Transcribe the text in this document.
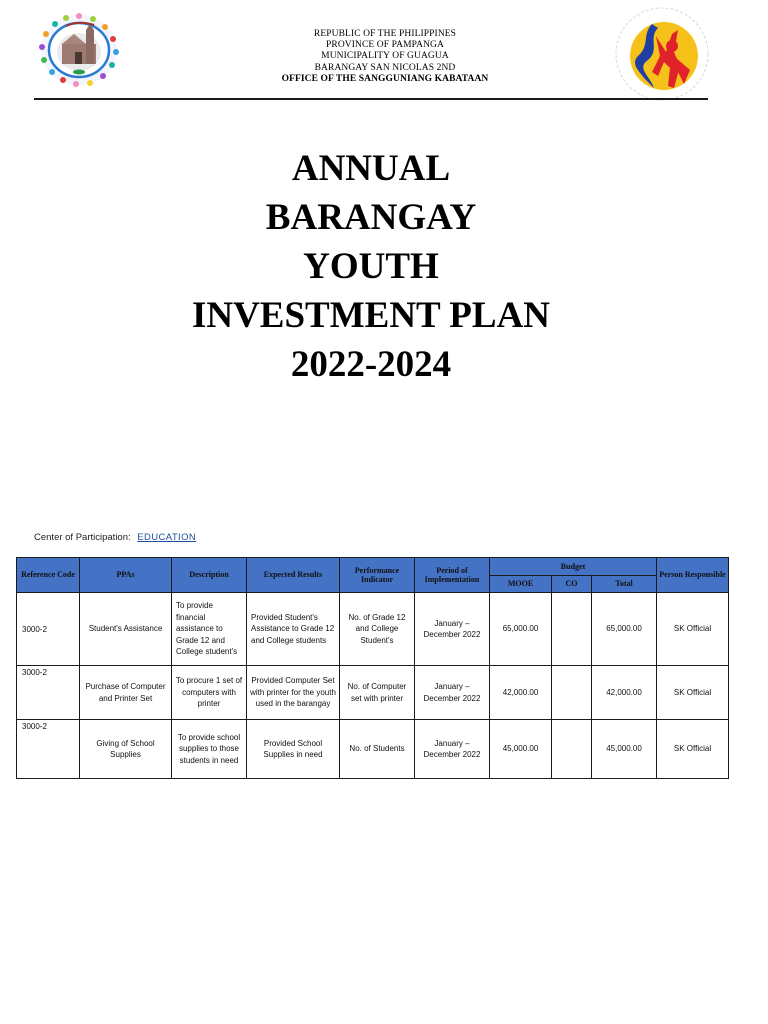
REPUBLIC OF THE PHILIPPINES
PROVINCE OF PAMPANGA
MUNICIPALITY OF GUAGUA
BARANGAY SAN NICOLAS 2ND
OFFICE OF THE SANGGUNIANG KABATAAN
ANNUAL
BARANGAY
YOUTH
INVESTMENT PLAN
2022-2024
Center of Participation: EDUCATION
Reference Code	PPAs	Description	Expected Results	Performance Indicator	Period of Implementation	Budget			Person Responsible
						MOOE	CO	Total	
3000-2	Student's Assistance	To provide financial assistance to Grade 12 and College student's	Provided Student's Assistance to Grade 12 and College students	No. of Grade 12 and College Student's	January – December 2022	65,000.00		65,000.00	SK Official
3000-2	Purchase of Computer and Printer Set	To procure 1 set of computers with printer	Provided Computer Set with printer for the youth used in the barangay	No. of Computer set with printer	January – December 2022	42,000.00		42,000.00	SK Official
3000-2	Giving of School Supplies	To provide school supplies to those students in need	Provided School Supplies in need	No. of Students	January – December 2022	45,000.00		45,000.00	SK Official
